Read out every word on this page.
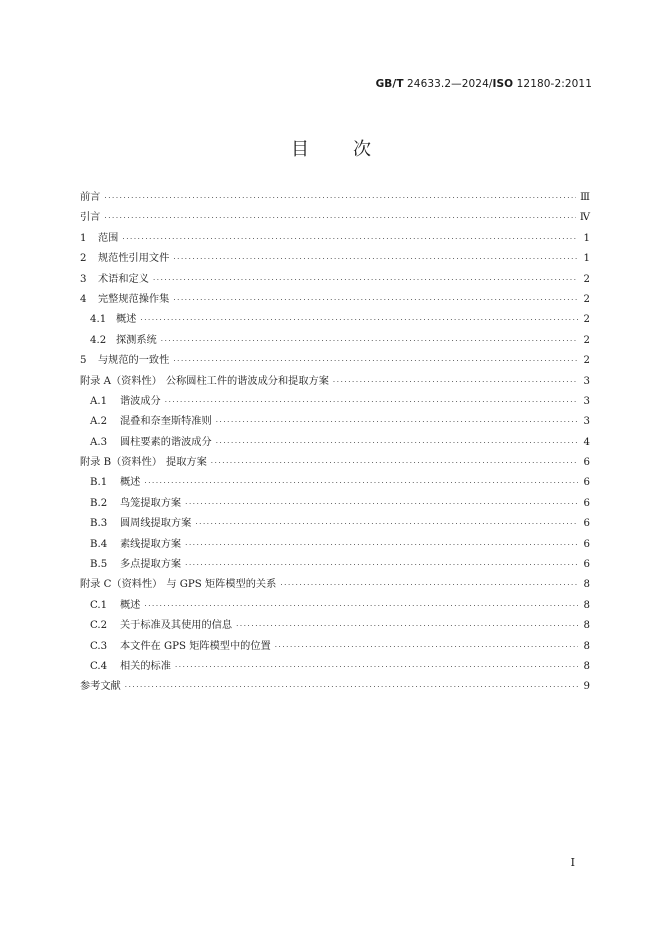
GB/T 24633.2—2024/ISO 12180-2:2011
目 次
前言 ·····	Ⅲ
引言 ·····	Ⅳ
1	范围 ·····	1
2	规范性引用文件 ·····	1
3	术语和定义 ·····	2
4	完整规范操作集 ·····	2
4.1 概述 ·····	2
4.2 探测系统 ·····	2
5	与规范的一致性 ·····	2
附录 A（资料性） 公称圆柱工件的谐波成分和提取方案 ·····	3
A.1	谐波成分 ·····	3
A.2	混叠和奈奎斯特准则 ·····	3
A.3	圆柱要素的谐波成分 ·····	4
附录 B（资料性） 提取方案 ·····	6
B.1	概述 ·····	6
B.2	鸟笼提取方案 ·····	6
B.3	圆周线提取方案 ·····	6
B.4	素线提取方案 ·····	6
B.5	多点提取方案 ·····	6
附录 C（资料性） 与 GPS 矩阵模型的关系 ·····	8
C.1	概述 ·····	8
C.2	关于标准及其使用的信息 ·····	8
C.3	本文件在 GPS 矩阵模型中的位置 ·····	8
C.4	相关的标准 ·····	8
参考文献 ·····	9
I
